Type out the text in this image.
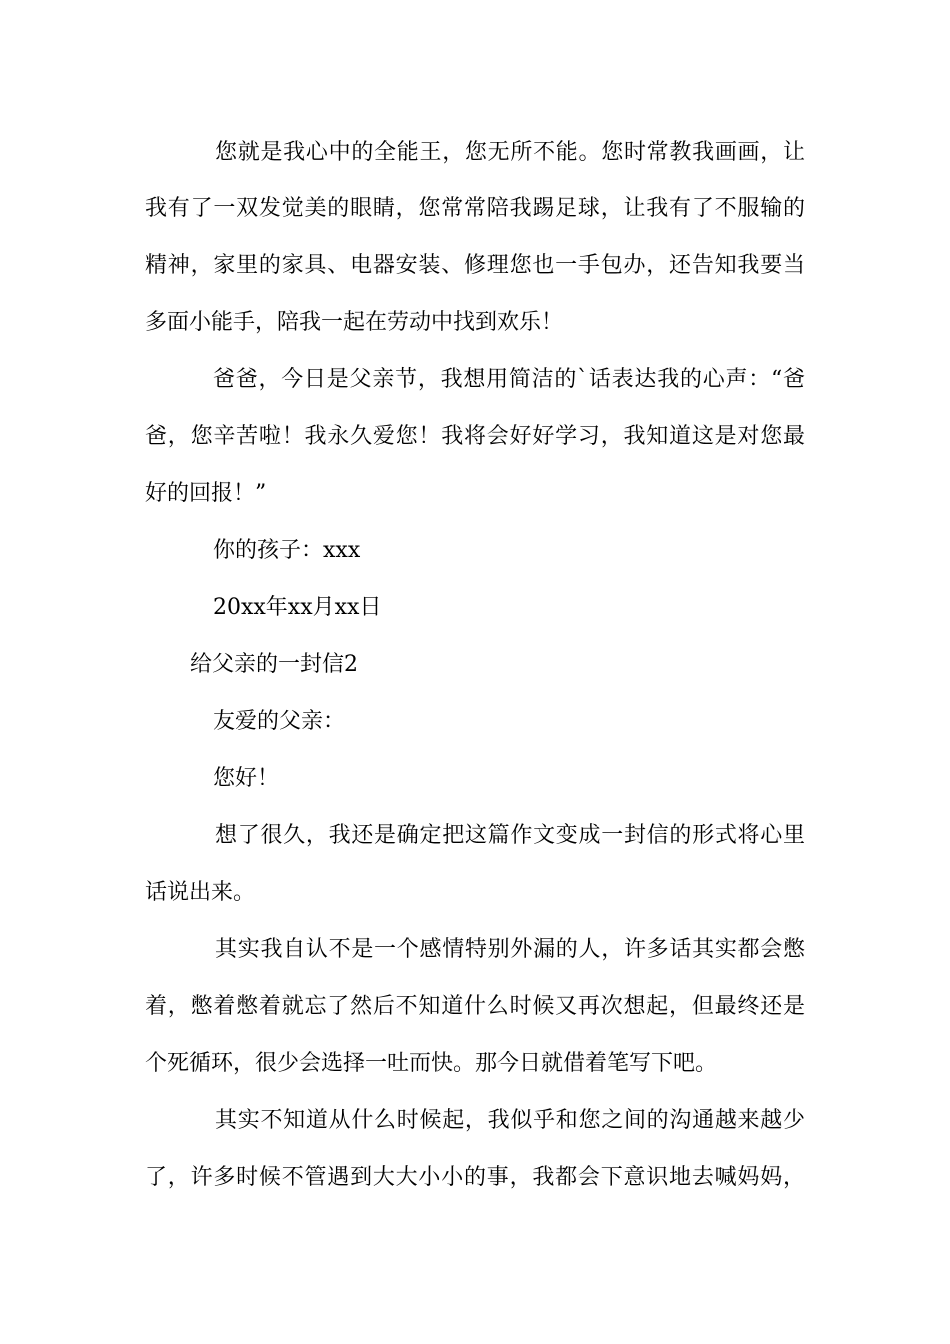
您就是我心中的全能王，您无所不能。您时常教我画画，让
我有了一双发觉美的眼睛，您常常陪我踢足球，让我有了不服输的
精神，家里的家具、电器安装、修理您也一手包办，还告知我要当
多面小能手，陪我一起在劳动中找到欢乐！
爸爸，今日是父亲节，我想用简洁的`话表达我的心声：“爸
爸，您辛苦啦！我永久爱您！我将会好好学习，我知道这是对您最
好的回报！”
你的孩子：xxx
20xx年xx月xx日
给父亲的一封信2
友爱的父亲：
您好！
想了很久，我还是确定把这篇作文变成一封信的形式将心里
话说出来。
其实我自认不是一个感情特别外漏的人，许多话其实都会憋
着，憋着憋着就忘了然后不知道什么时候又再次想起，但最终还是
个死循环，很少会选择一吐而快。那今日就借着笔写下吧。
其实不知道从什么时候起，我似乎和您之间的沟通越来越少
了，许多时候不管遇到大大小小的事，我都会下意识地去喊妈妈，
